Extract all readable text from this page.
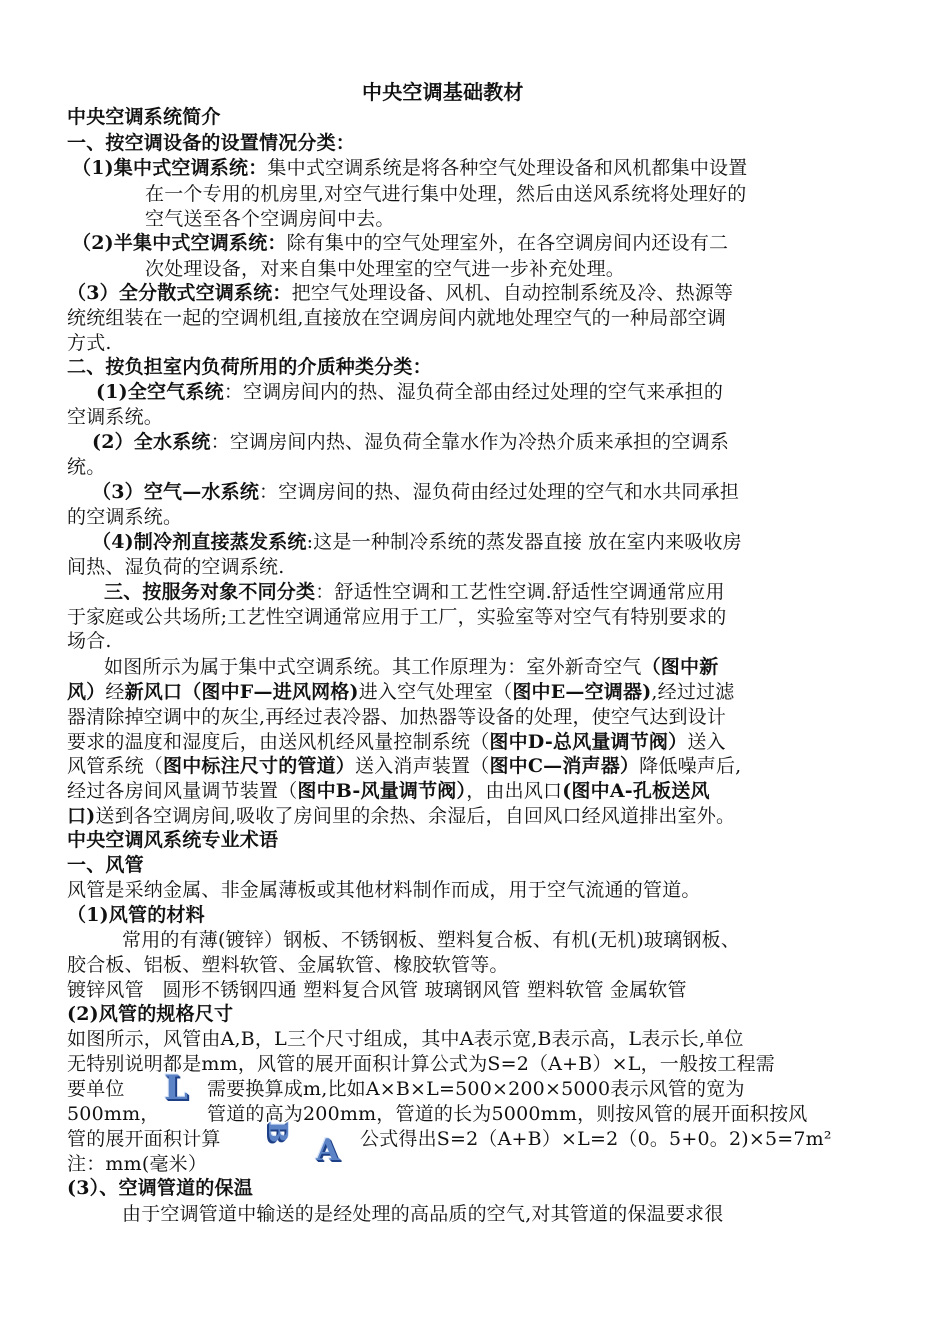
中央空调基础教材
中央空调系统简介
一、按空调设备的设置情况分类：
（1)集中式空调系统：集中式空调系统是将各种空气处理设备和风机都集中设置
在一个专用的机房里,对空气进行集中处理，然后由送风系统将处理好的
空气送至各个空调房间中去。
（2)半集中式空调系统：除有集中的空气处理室外，在各空调房间内还设有二
次处理设备，对来自集中处理室的空气进一步补充处理。
（3）全分散式空调系统：把空气处理设备、风机、自动控制系统及冷、热源等
统统组装在一起的空调机组,直接放在空调房间内就地处理空气的一种局部空调
方式.
二、按负担室内负荷所用的介质种类分类：
(1)全空气系统：空调房间内的热、湿负荷全部由经过处理的空气来承担的
空调系统。
(2）全水系统：空调房间内热、湿负荷全靠水作为冷热介质来承担的空调系
统。
（3）空气—水系统：空调房间的热、湿负荷由经过处理的空气和水共同承担
的空调系统。
（4)制冷剂直接蒸发系统:这是一种制冷系统的蒸发器直接 放在室内来吸收房
间热、湿负荷的空调系统.
三、按服务对象不同分类：舒适性空调和工艺性空调.舒适性空调通常应用
于家庭或公共场所;工艺性空调通常应用于工厂，实验室等对空气有特别要求的
场合.
如图所示为属于集中式空调系统。其工作原理为：室外新奇空气（图中新
风）经新风口（图中F—进风网格)进入空气处理室（图中E—空调器),经过过滤
器清除掉空调中的灰尘,再经过表冷器、加热器等设备的处理，使空气达到设计
要求的温度和湿度后，由送风机经风量控制系统（图中D-总风量调节阀）送入
风管系统（图中标注尺寸的管道）送入消声装置（图中C—消声器）降低噪声后,
经过各房间风量调节装置（图中B-风量调节阀），由出风口(图中A-孔板送风
口)送到各空调房间,吸收了房间里的余热、余湿后，自回风口经风道排出室外。
中央空调风系统专业术语
一、风管
风管是采纳金属、非金属薄板或其他材料制作而成，用于空气流通的管道。
（1)风管的材料
常用的有薄(镀锌）钢板、不锈钢板、塑料复合板、有机(无机)玻璃钢板、
胶合板、铝板、塑料软管、金属软管、橡胶软管等。
镀锌风管   圆形不锈钢四通 塑料复合风管 玻璃钢风管 塑料软管 金属软管
(2)风管的规格尺寸
如图所示，风管由A,B，L三个尺寸组成，其中A表示宽,B表示高，L表示长,单位
无特别说明都是mm，风管的展开面积计算公式为S=2（A+B）×L，一般按工程需
要单位	需要换算成m,比如A×B×L=500×200×5000表示风管的宽为
500mm，	管道的高为200mm，管道的长为5000mm，则按风管的展开面积按风
管的展开面积计算	公式得出S=2（A+B）×L=2（0。5+0。2)×5=7m²
注：mm(毫米）
(3）、空调管道的保温
由于空调管道中输送的是经处理的高品质的空气,对其管道的保温要求很
L
B
A
